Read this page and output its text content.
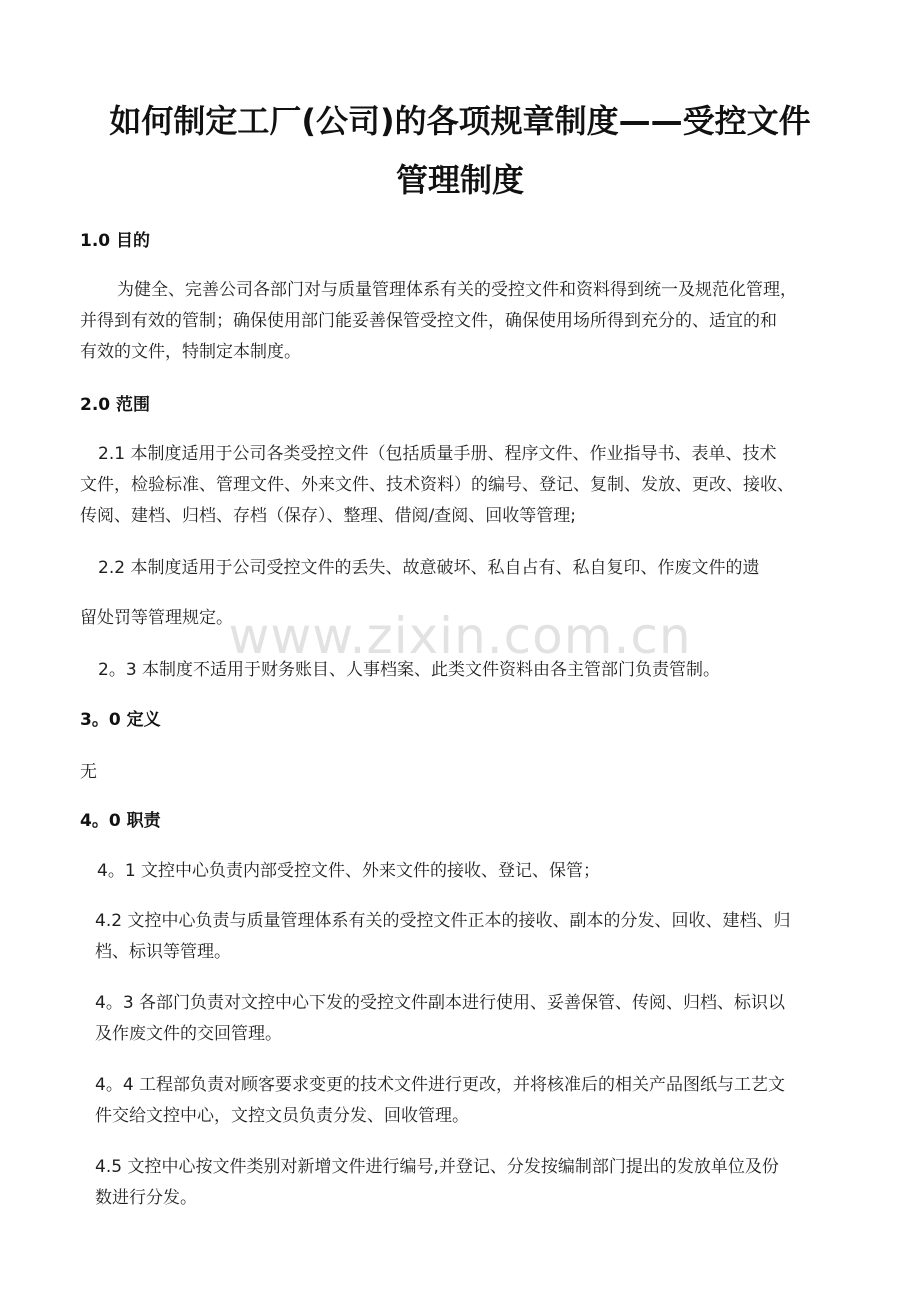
如何制定工厂(公司)的各项规章制度——受控文件
管理制度
1.0 目的
为健全、完善公司各部门对与质量管理体系有关的受控文件和资料得到统一及规范化管理，
并得到有效的管制；确保使用部门能妥善保管受控文件，确保使用场所得到充分的、适宜的和
有效的文件，特制定本制度。
2.0 范围
2.1 本制度适用于公司各类受控文件（包括质量手册、程序文件、作业指导书、表单、技术
文件，检验标准、管理文件、外来文件、技术资料）的编号、登记、复制、发放、更改、接收、
传阅、建档、归档、存档（保存）、整理、借阅/查阅、回收等管理;
2.2 本制度适用于公司受控文件的丢失、故意破坏、私自占有、私自复印、作废文件的遗
留处罚等管理规定。
2。3 本制度不适用于财务账目、人事档案、此类文件资料由各主管部门负责管制。
3。0 定义
无
4。0 职责
4。1 文控中心负责内部受控文件、外来文件的接收、登记、保管；
4.2 文控中心负责与质量管理体系有关的受控文件正本的接收、副本的分发、回收、建档、归
档、标识等管理。
4。3 各部门负责对文控中心下发的受控文件副本进行使用、妥善保管、传阅、归档、标识以
及作废文件的交回管理。
4。4 工程部负责对顾客要求变更的技术文件进行更改，并将核准后的相关产品图纸与工艺文
件交给文控中心，文控文员负责分发、回收管理。
4.5 文控中心按文件类别对新增文件进行编号,并登记、分发按编制部门提出的发放单位及份
数进行分发。
www.zixin.com.cn
